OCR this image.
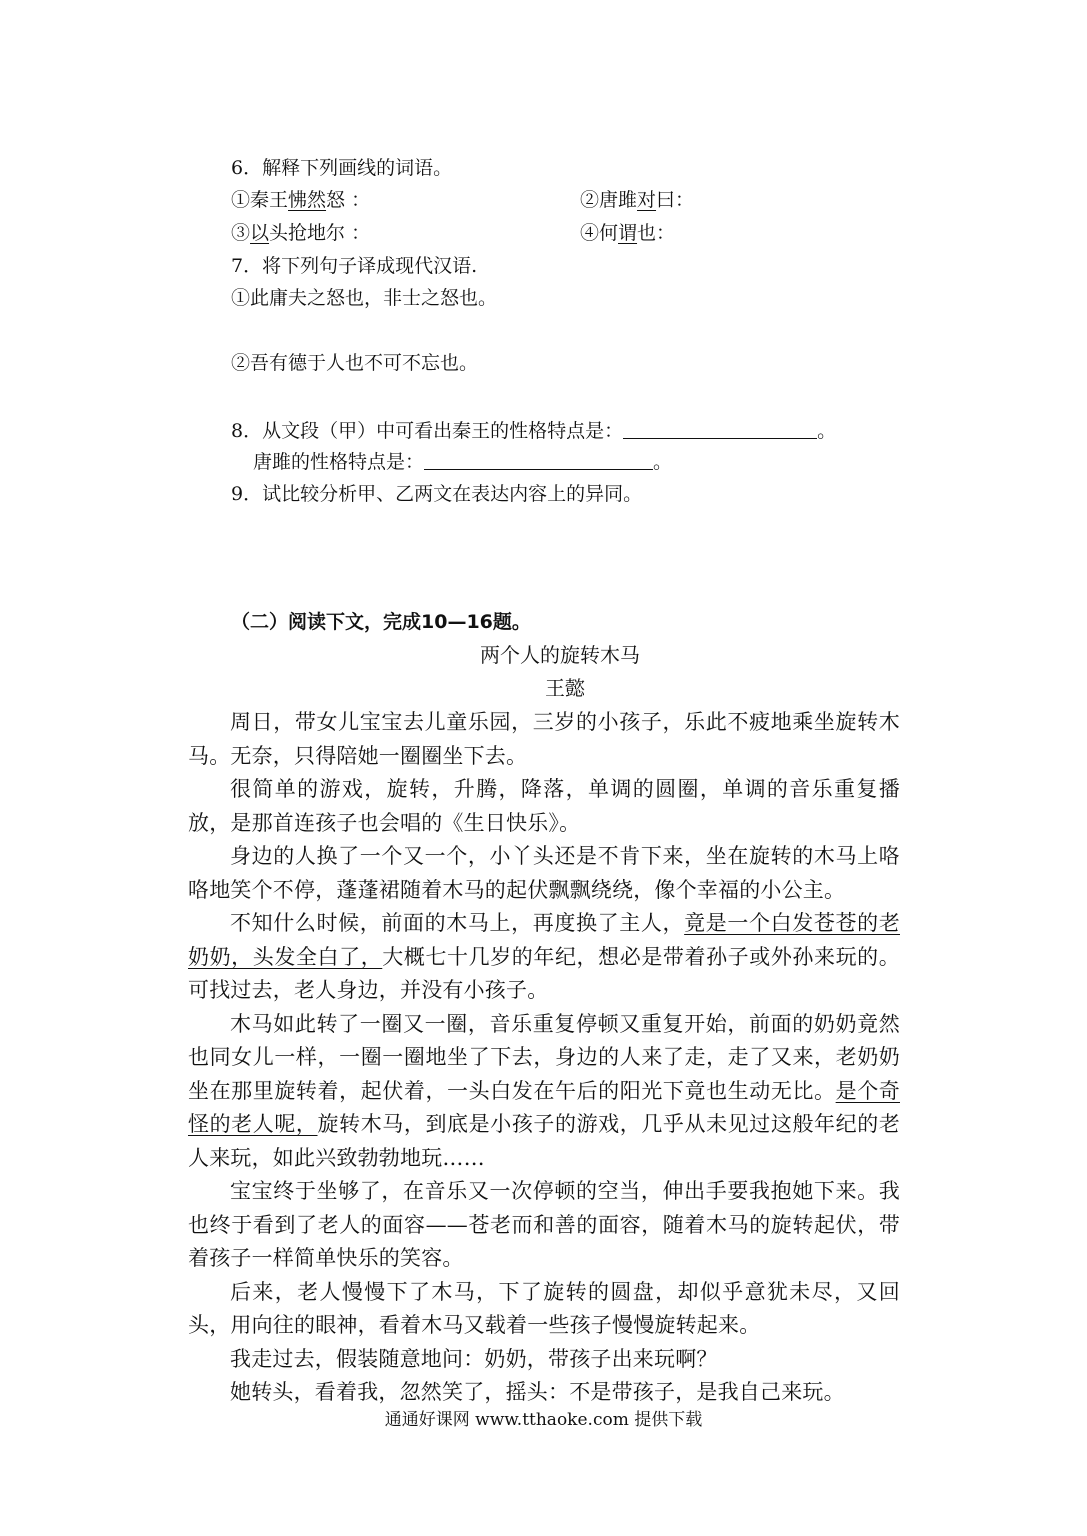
6．解释下列画线的词语。
①秦王怫然怒 ：	②唐雎对曰：
③以头抢地尔 ：	④何谓也：
7．将下列句子译成现代汉语.
①此庸夫之怒也，非士之怒也。
②吾有德于人也不可不忘也。
8．从文段（甲）中可看出秦王的性格特点是：	。
唐雎的性格特点是：	。
9．试比较分析甲、乙两文在表达内容上的异同。
（二）阅读下文，完成10—16题。
两个人的旋转木马
王懿

周日，带女儿宝宝去儿童乐园，三岁的小孩子，乐此不疲地乘坐旋转木马。无奈，只得陪她一圈圈坐下去。

很简单的游戏，旋转，升腾，降落，单调的圆圈，单调的音乐重复播放，是那首连孩子也会唱的《生日快乐》。

身边的人换了一个又一个，小丫头还是不肯下来，坐在旋转的木马上咯咯地笑个不停，蓬蓬裙随着木马的起伏飘飘绕绕，像个幸福的小公主。

不知什么时候，前面的木马上，再度换了主人，竟是一个白发苍苍的老奶奶，头发全白了，大概七十几岁的年纪，想必是带着孙子或外孙来玩的。可找过去，老人身边，并没有小孩子。

木马如此转了一圈又一圈，音乐重复停顿又重复开始，前面的奶奶竟然也同女儿一样，一圈一圈地坐了下去，身边的人来了走，走了又来，老奶奶坐在那里旋转着，起伏着，一头白发在午后的阳光下竟也生动无比。是个奇怪的老人呢，旋转木马，到底是小孩子的游戏，几乎从未见过这般年纪的老人来玩，如此兴致勃勃地玩……

宝宝终于坐够了，在音乐又一次停顿的空当，伸出手要我抱她下来。我也终于看到了老人的面容——苍老而和善的面容，随着木马的旋转起伏，带着孩子一样简单快乐的笑容。

后来，老人慢慢下了木马，下了旋转的圆盘，却似乎意犹未尽，又回头，用向往的眼神，看着木马又载着一些孩子慢慢旋转起来。

我走过去，假装随意地问：奶奶，带孩子出来玩啊？

她转头，看着我，忽然笑了，摇头：不是带孩子，是我自己来玩。

通通好课网 www.tthaoke.com 提供下载
